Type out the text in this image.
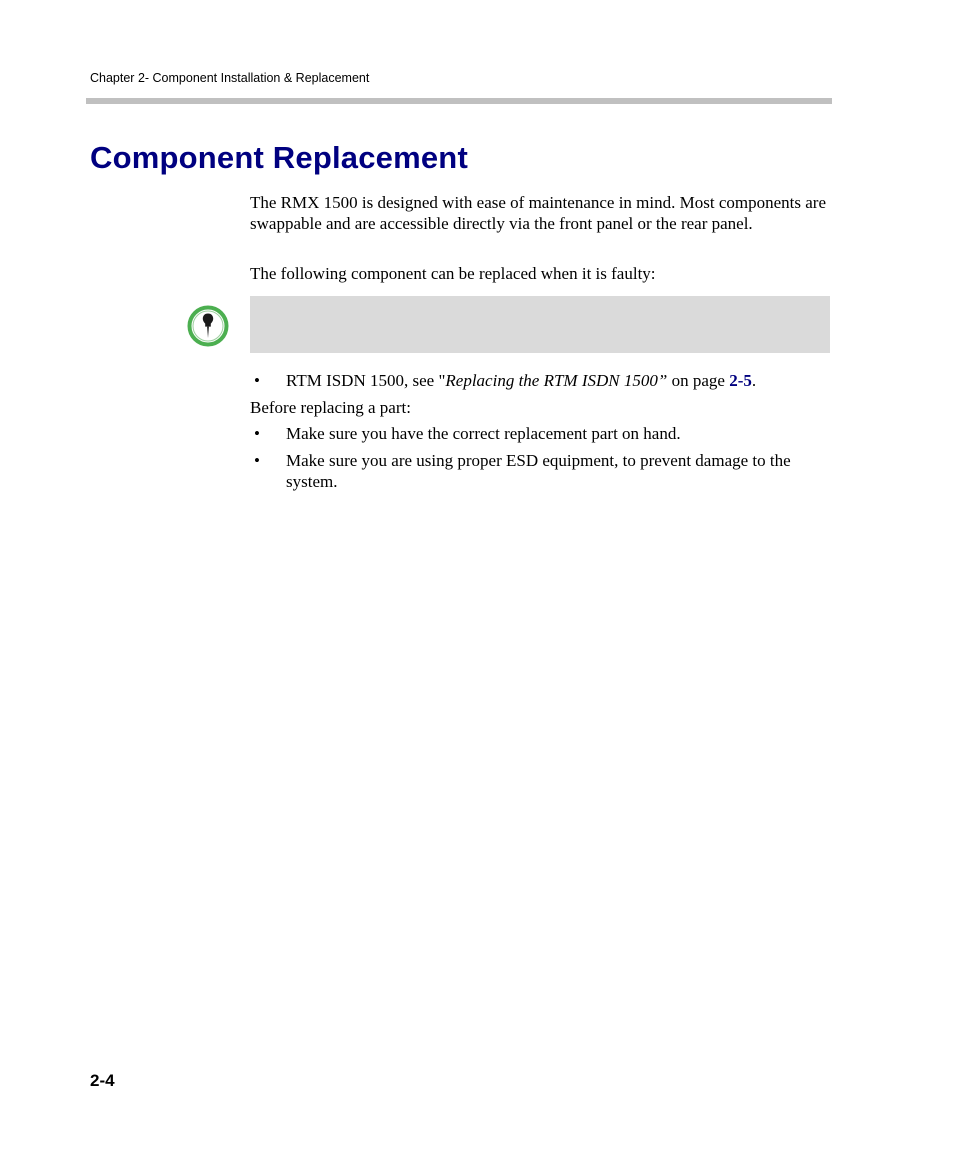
Chapter 2- Component Installation & Replacement
Component Replacement

The RMX 1500 is designed with ease of maintenance in mind. Most components are swappable and are accessible directly via the front panel or the rear panel.

The following component can be replaced when it is faulty:

• RTM ISDN 1500, see "Replacing the RTM ISDN 1500” on page 2-5.

Before replacing a part:

• Make sure you have the correct replacement part on hand.
• Make sure you are using proper ESD equipment, to prevent damage to the system.
2-4
